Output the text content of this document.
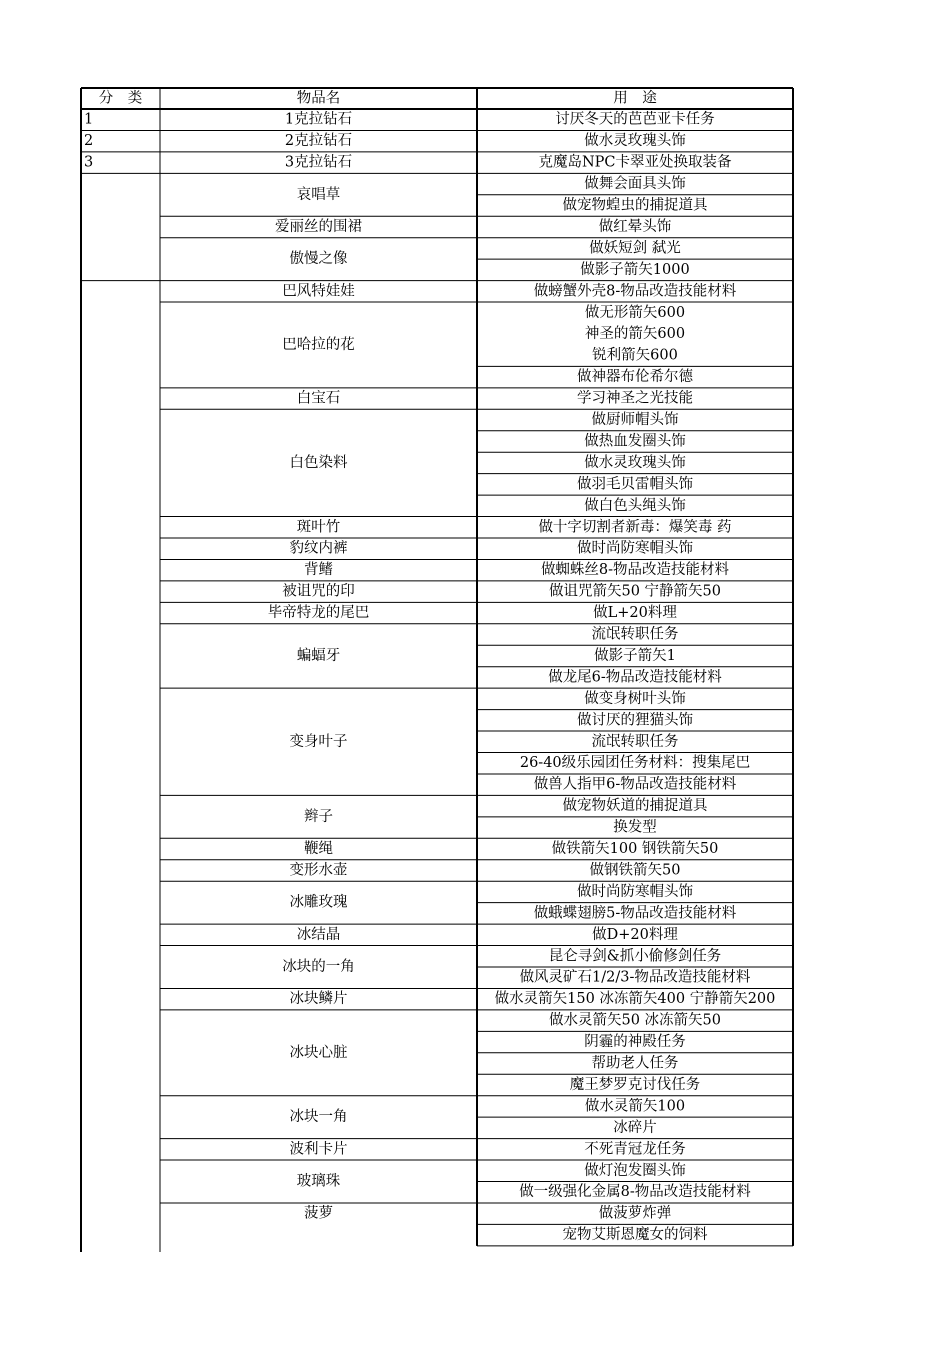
分　类	物品名	用　途
讨厌冬天的芭芭亚卡任务
1克拉钻石
1
做水灵玫瑰头饰
2克拉钻石
2
克魔岛NPC卡翠亚处换取装备
3克拉钻石
3
做舞会面具头饰
做宠物蝗虫的捕捉道具
哀唱草
做红晕头饰
爱丽丝的围裙
做妖短剑 弑光
做影子箭矢1000
傲慢之像
做螃蟹外壳8-物品改造技能材料
巴风特娃娃
做无形箭矢600
神圣的箭矢600
锐利箭矢600
做神器布伦希尔德
巴哈拉的花
学习神圣之光技能
白宝石
做厨师帽头饰
做热血发圈头饰
做水灵玫瑰头饰
做羽毛贝雷帽头饰
做白色头绳头饰
白色染料
做十字切割者新毒：爆笑毒 药
斑叶竹
做时尚防寒帽头饰
豹纹内裤
做蜘蛛丝8-物品改造技能材料
背鳍
做诅咒箭矢50 宁静箭矢50
被诅咒的印
做L+20料理
毕帝特龙的尾巴
流氓转职任务
做影子箭矢1
做龙尾6-物品改造技能材料
蝙蝠牙
做变身树叶头饰
做讨厌的狸猫头饰
流氓转职任务
26-40级乐园团任务材料：搜集尾巴
做兽人指甲6-物品改造技能材料
变身叶子
做宠物妖道的捕捉道具
换发型
辫子
做铁箭矢100 钢铁箭矢50
鞭绳
做钢铁箭矢50
变形水壶
做时尚防寒帽头饰
做蛾蝶翅膀5-物品改造技能材料
冰雕玫瑰
做D+20料理
冰结晶
昆仑寻剑&抓小偷修剑任务
做风灵矿石1/2/3-物品改造技能材料
冰块的一角
做水灵箭矢150 冰冻箭矢400 宁静箭矢200
冰块鳞片
做水灵箭矢50 冰冻箭矢50
阴霾的神殿任务
帮助老人任务
魔王梦罗克讨伐任务
冰块心脏
做水灵箭矢100
冰碎片
冰块一角
不死青冠龙任务
波利卡片
做灯泡发圈头饰
做一级强化金属8-物品改造技能材料
玻璃珠
做菠萝炸弹
菠萝
宠物艾斯恩魔女的饲料
